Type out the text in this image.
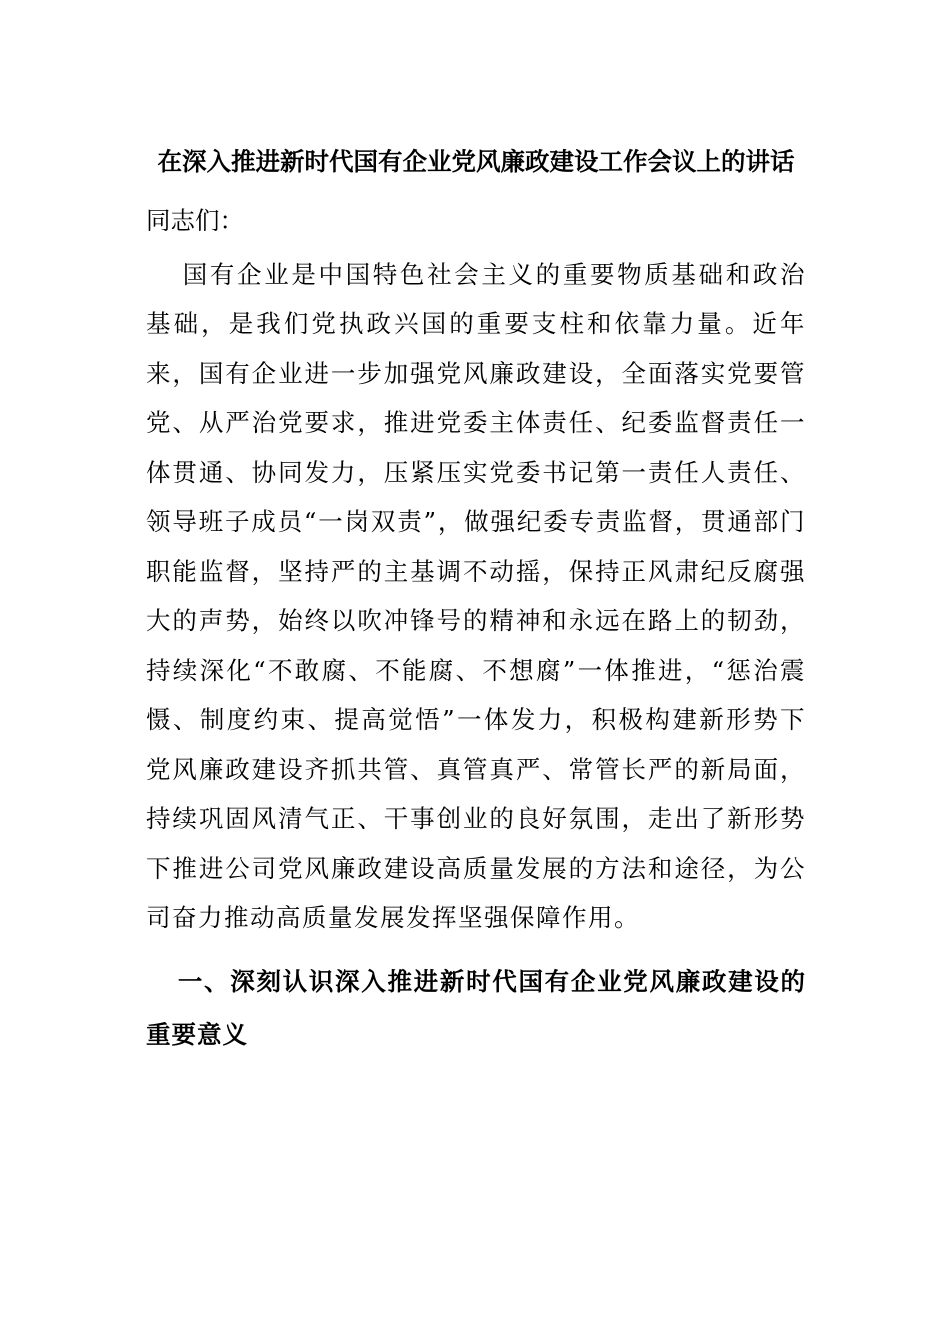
在深入推进新时代国有企业党风廉政建设工作会议上的讲话
同志们：
国有企业是中国特色社会主义的重要物质基础和政治基础，是我们党执政兴国的重要支柱和依靠力量。近年来，国有企业进一步加强党风廉政建设，全面落实党要管党、从严治党要求，推进党委主体责任、纪委监督责任一体贯通、协同发力，压紧压实党委书记第一责任人责任、领导班子成员“一岗双责”，做强纪委专责监督，贯通部门职能监督，坚持严的主基调不动摇，保持正风肃纪反腐强大的声势，始终以吹冲锋号的精神和永远在路上的韧劲，持续深化“不敢腐、不能腐、不想腐”一体推进，“惩治震慑、制度约束、提高觉悟”一体发力，积极构建新形势下党风廉政建设齐抓共管、真管真严、常管长严的新局面，持续巩固风清气正、干事创业的良好氛围，走出了新形势下推进公司党风廉政建设高质量发展的方法和途径，为公司奋力推动高质量发展发挥坚强保障作用。
一、深刻认识深入推进新时代国有企业党风廉政建设的重要意义
